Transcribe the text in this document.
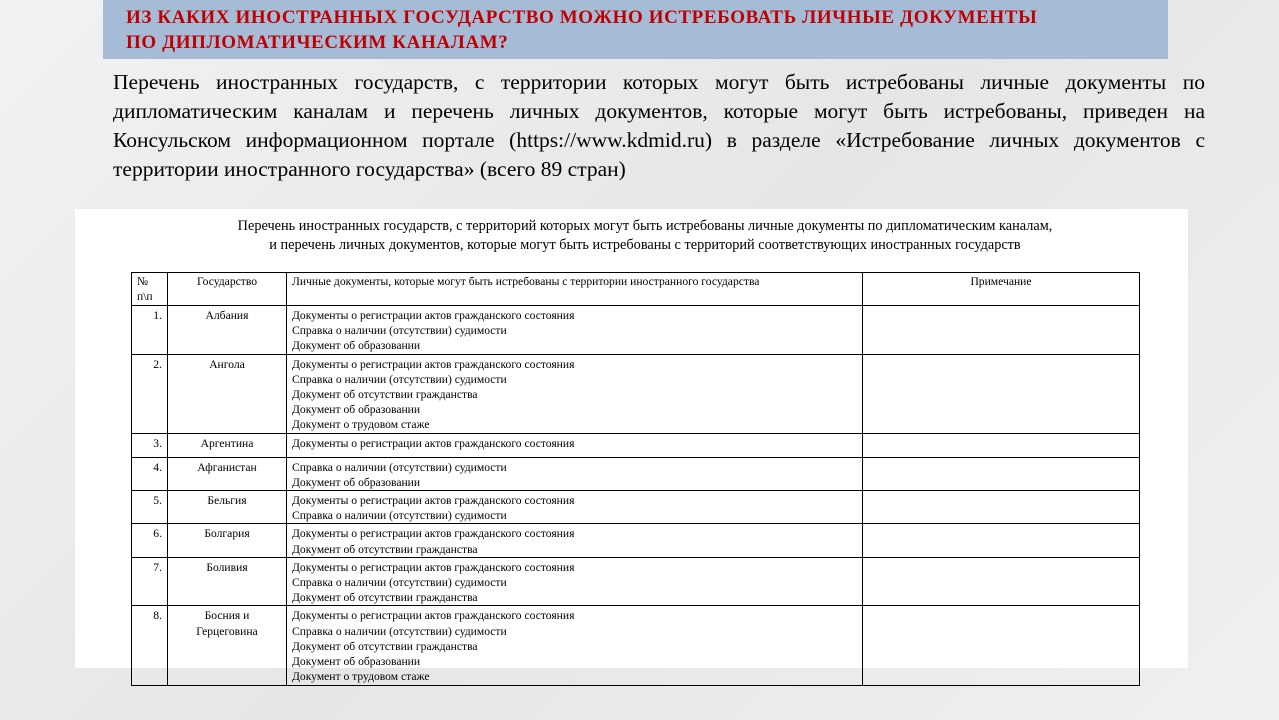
ИЗ КАКИХ ИНОСТРАННЫХ ГОСУДАРСТВО МОЖНО ИСТРЕБОВАТЬ ЛИЧНЫЕ ДОКУМЕНТЫ
ПО ДИПЛОМАТИЧЕСКИМ КАНАЛАМ?
Перечень иностранных государств, с территории которых могут быть истребованы личные документы по дипломатическим каналам и перечень личных документов, которые могут быть истребованы, приведен на Консульском информационном портале (https://www.kdmid.ru) в разделе «Истребование личных документов с территории иностранного государства» (всего 89 стран)
Перечень иностранных государств, с территорий которых могут быть истребованы личные документы по дипломатическим каналам,
и перечень личных документов, которые могут быть истребованы с территорий соответствующих иностранных государств
№
п\п	Государство	Личные документы, которые могут быть истребованы с территории иностранного государства	Примечание
1.	Албания	Документы о регистрации актов гражданского состояния
Справка о наличии (отсутствии) судимости
Документ об образовании	

2.	Ангола	Документы о регистрации актов гражданского состояния
Справка о наличии (отсутствии) судимости
Документ об отсутствии гражданства
Документ об образовании
Документ о трудовом стаже	

3.	Аргентина	Документы о регистрации актов гражданского состояния	

4.	Афганистан	Справка о наличии (отсутствии) судимости
Документ об образовании	

5.	Бельгия	Документы о регистрации актов гражданского состояния
Справка о наличии (отсутствии) судимости	

6.	Болгария	Документы о регистрации актов гражданского состояния
Документ об отсутствии гражданства	

7.	Боливия	Документы о регистрации актов гражданского состояния
Справка о наличии (отсутствии) судимости
Документ об отсутствии гражданства	

8.	Босния и
Герцеговина	Документы о регистрации актов гражданского состояния
Справка о наличии (отсутствии) судимости
Документ об отсутствии гражданства
Документ об образовании
Документ о трудовом стаже	
